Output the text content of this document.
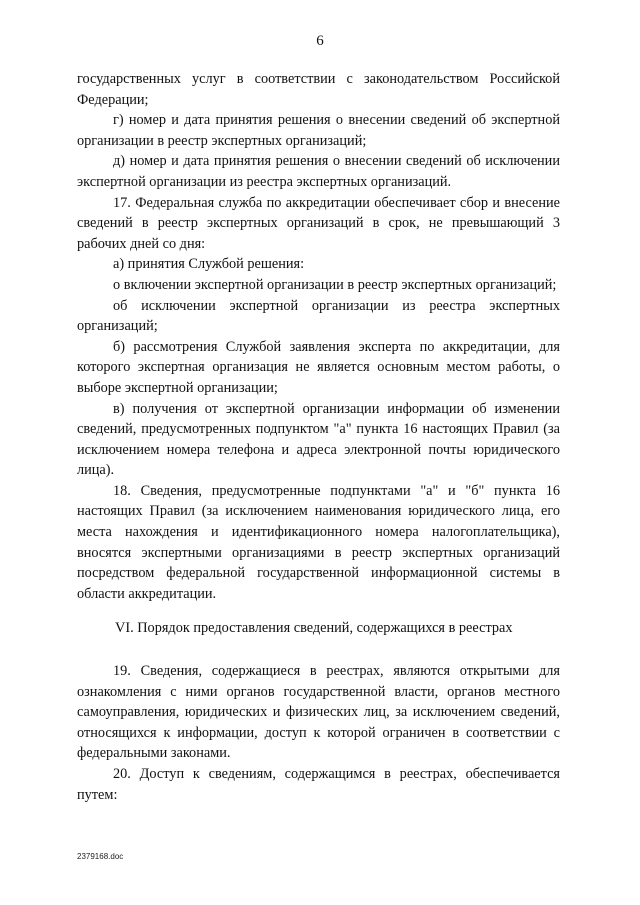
6

государственных услуг в соответствии с законодательством Российской Федерации;

г) номер и дата принятия решения о внесении сведений об экспертной организации в реестр экспертных организаций;

д) номер и дата принятия решения о внесении сведений об исключении экспертной организации из реестра экспертных организаций.

17. Федеральная служба по аккредитации обеспечивает сбор и внесение сведений в реестр экспертных организаций в срок, не превышающий 3 рабочих дней со дня:

а) принятия Службой решения:

о включении экспертной организации в реестр экспертных организаций;

об исключении экспертной организации из реестра экспертных организаций;

б) рассмотрения Службой заявления эксперта по аккредитации, для которого экспертная организация не является основным местом работы, о выборе экспертной организации;

в) получения от экспертной организации информации об изменении сведений, предусмотренных подпунктом "а" пункта 16 настоящих Правил (за исключением номера телефона и адреса электронной почты юридического лица).

18. Сведения, предусмотренные подпунктами "а" и "б" пункта 16 настоящих Правил (за исключением наименования юридического лица, его места нахождения и идентификационного номера налогоплательщика), вносятся экспертными организациями в реестр экспертных организаций посредством федеральной государственной информационной системы в области аккредитации.

VI. Порядок предоставления сведений, содержащихся в реестрах

19. Сведения, содержащиеся в реестрах, являются открытыми для ознакомления с ними органов государственной власти, органов местного самоуправления, юридических и физических лиц, за исключением сведений, относящихся к информации, доступ к которой ограничен в соответствии с федеральными законами.

20. Доступ к сведениям, содержащимся в реестрах, обеспечивается путем:

2379168.doc
